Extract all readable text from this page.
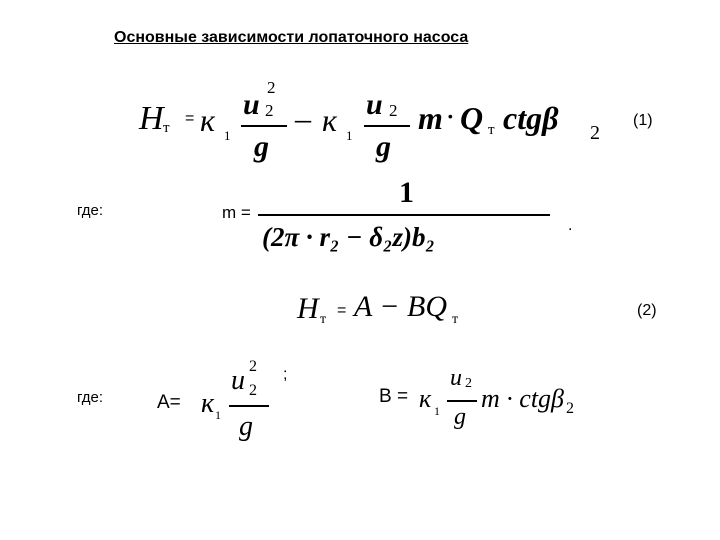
Основные зависимости лопаточного насоса
H т
= к 1
u 2
2
g
– к 1
u 2
g
m · Q т ctgβ 2
(1)
где:	m =
1
(2π · r₂ − δ₂z)b₂	.
H т
= A − BQ т
(2)
где:	A= к 1
u 2
2
g
;
B = к 1
u 2
g
m · ctgβ 2
